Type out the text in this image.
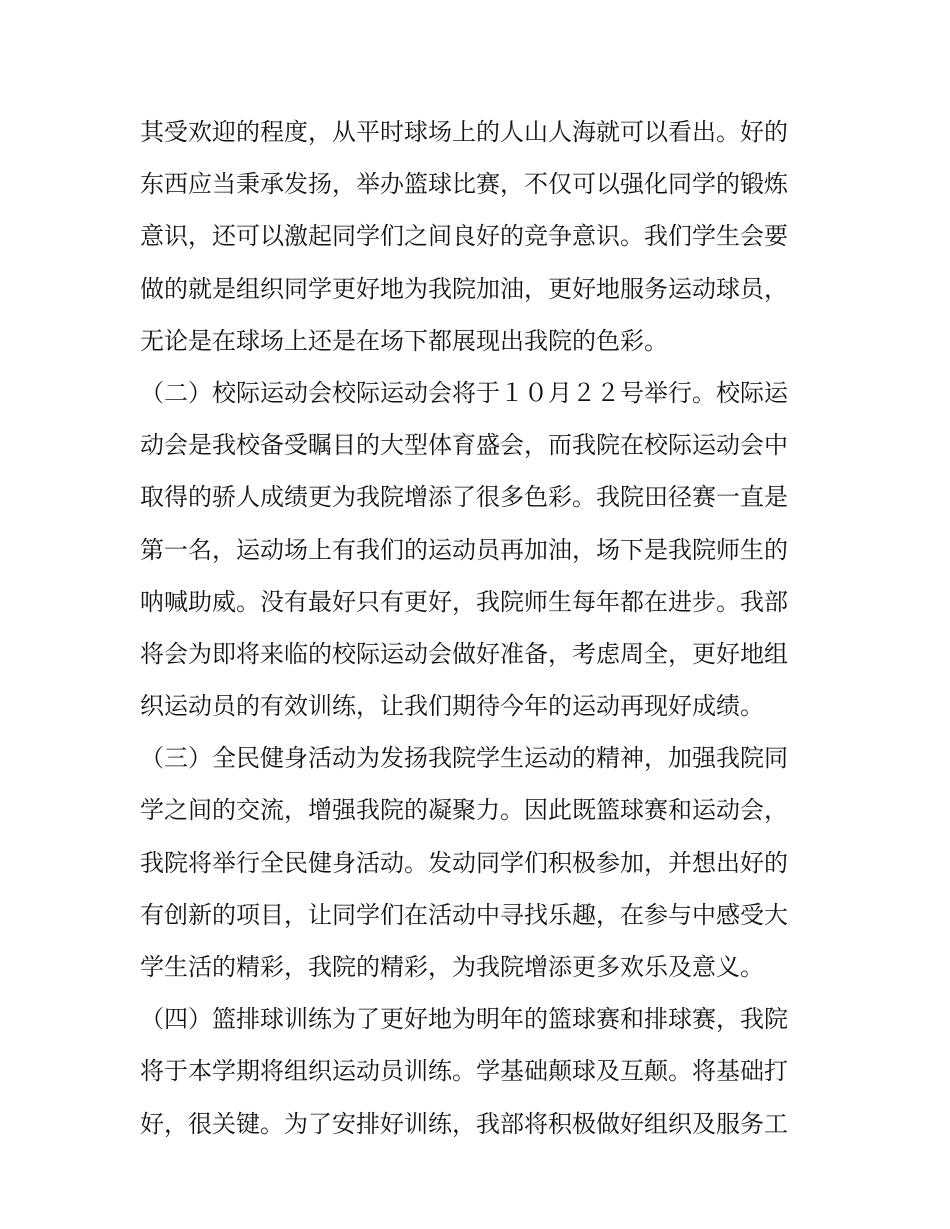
其受欢迎的程度，从平时球场上的人山人海就可以看出。好的
东西应当秉承发扬，举办篮球比赛，不仅可以强化同学的锻炼
意识，还可以激起同学们之间良好的竞争意识。我们学生会要
做的就是组织同学更好地为我院加油，更好地服务运动球员，
无论是在球场上还是在场下都展现出我院的色彩。
（二）校际运动会校际运动会将于１０月２２号举行。校际运
动会是我校备受瞩目的大型体育盛会，而我院在校际运动会中
取得的骄人成绩更为我院增添了很多色彩。我院田径赛一直是
第一名，运动场上有我们的运动员再加油，场下是我院师生的
呐喊助威。没有最好只有更好，我院师生每年都在进步。我部
将会为即将来临的校际运动会做好准备，考虑周全，更好地组
织运动员的有效训练，让我们期待今年的运动再现好成绩。
（三）全民健身活动为发扬我院学生运动的精神，加强我院同
学之间的交流，增强我院的凝聚力。因此既篮球赛和运动会，
我院将举行全民健身活动。发动同学们积极参加，并想出好的
有创新的项目，让同学们在活动中寻找乐趣，在参与中感受大
学生活的精彩，我院的精彩，为我院增添更多欢乐及意义。
（四）篮排球训练为了更好地为明年的篮球赛和排球赛，我院
将于本学期将组织运动员训练。学基础颠球及互颠。将基础打
好，很关键。为了安排好训练，我部将积极做好组织及服务工
